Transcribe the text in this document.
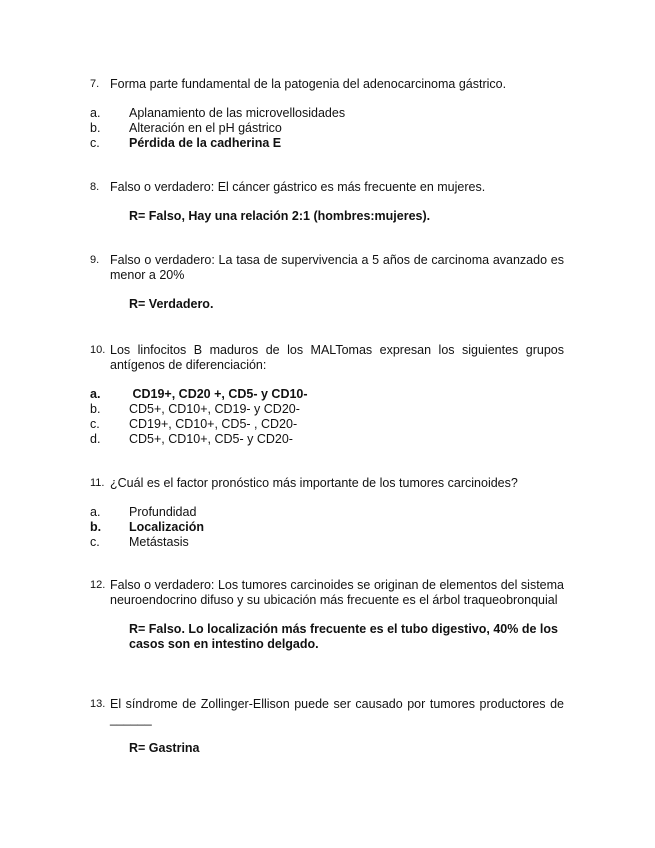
7. Forma parte fundamental de la patogenia del adenocarcinoma gástrico.
a.	Aplanamiento de las microvellosidades
b.	Alteración en el pH gástrico
c.	Pérdida de la cadherina E
8. Falso o verdadero: El cáncer gástrico es más frecuente en mujeres.
R= Falso, Hay una relación 2:1 (hombres:mujeres).
9. Falso o verdadero: La tasa de supervivencia a 5 años de carcinoma avanzado es menor a 20%
R= Verdadero.
10. Los linfocitos B maduros de los MALTomas expresan los siguientes grupos antígenos de diferenciación:
a.	CD19+, CD20 +, CD5- y CD10-
b.	CD5+, CD10+, CD19- y CD20-
c.	CD19+, CD10+, CD5- , CD20-
d.	CD5+, CD10+, CD5- y CD20-
11. ¿Cuál es el factor pronóstico más importante de los tumores carcinoides?
a.	Profundidad
b.	Localización
c.	Metástasis
12. Falso o verdadero: Los tumores carcinoides se originan de elementos del sistema neuroendocrino difuso y su ubicación más frecuente es el árbol traqueobronquial
R= Falso. Lo localización más frecuente es el tubo digestivo, 40% de los casos son en intestino delgado.
13. El síndrome de Zollinger-Ellison puede ser causado por tumores productores de ______
R= Gastrina
